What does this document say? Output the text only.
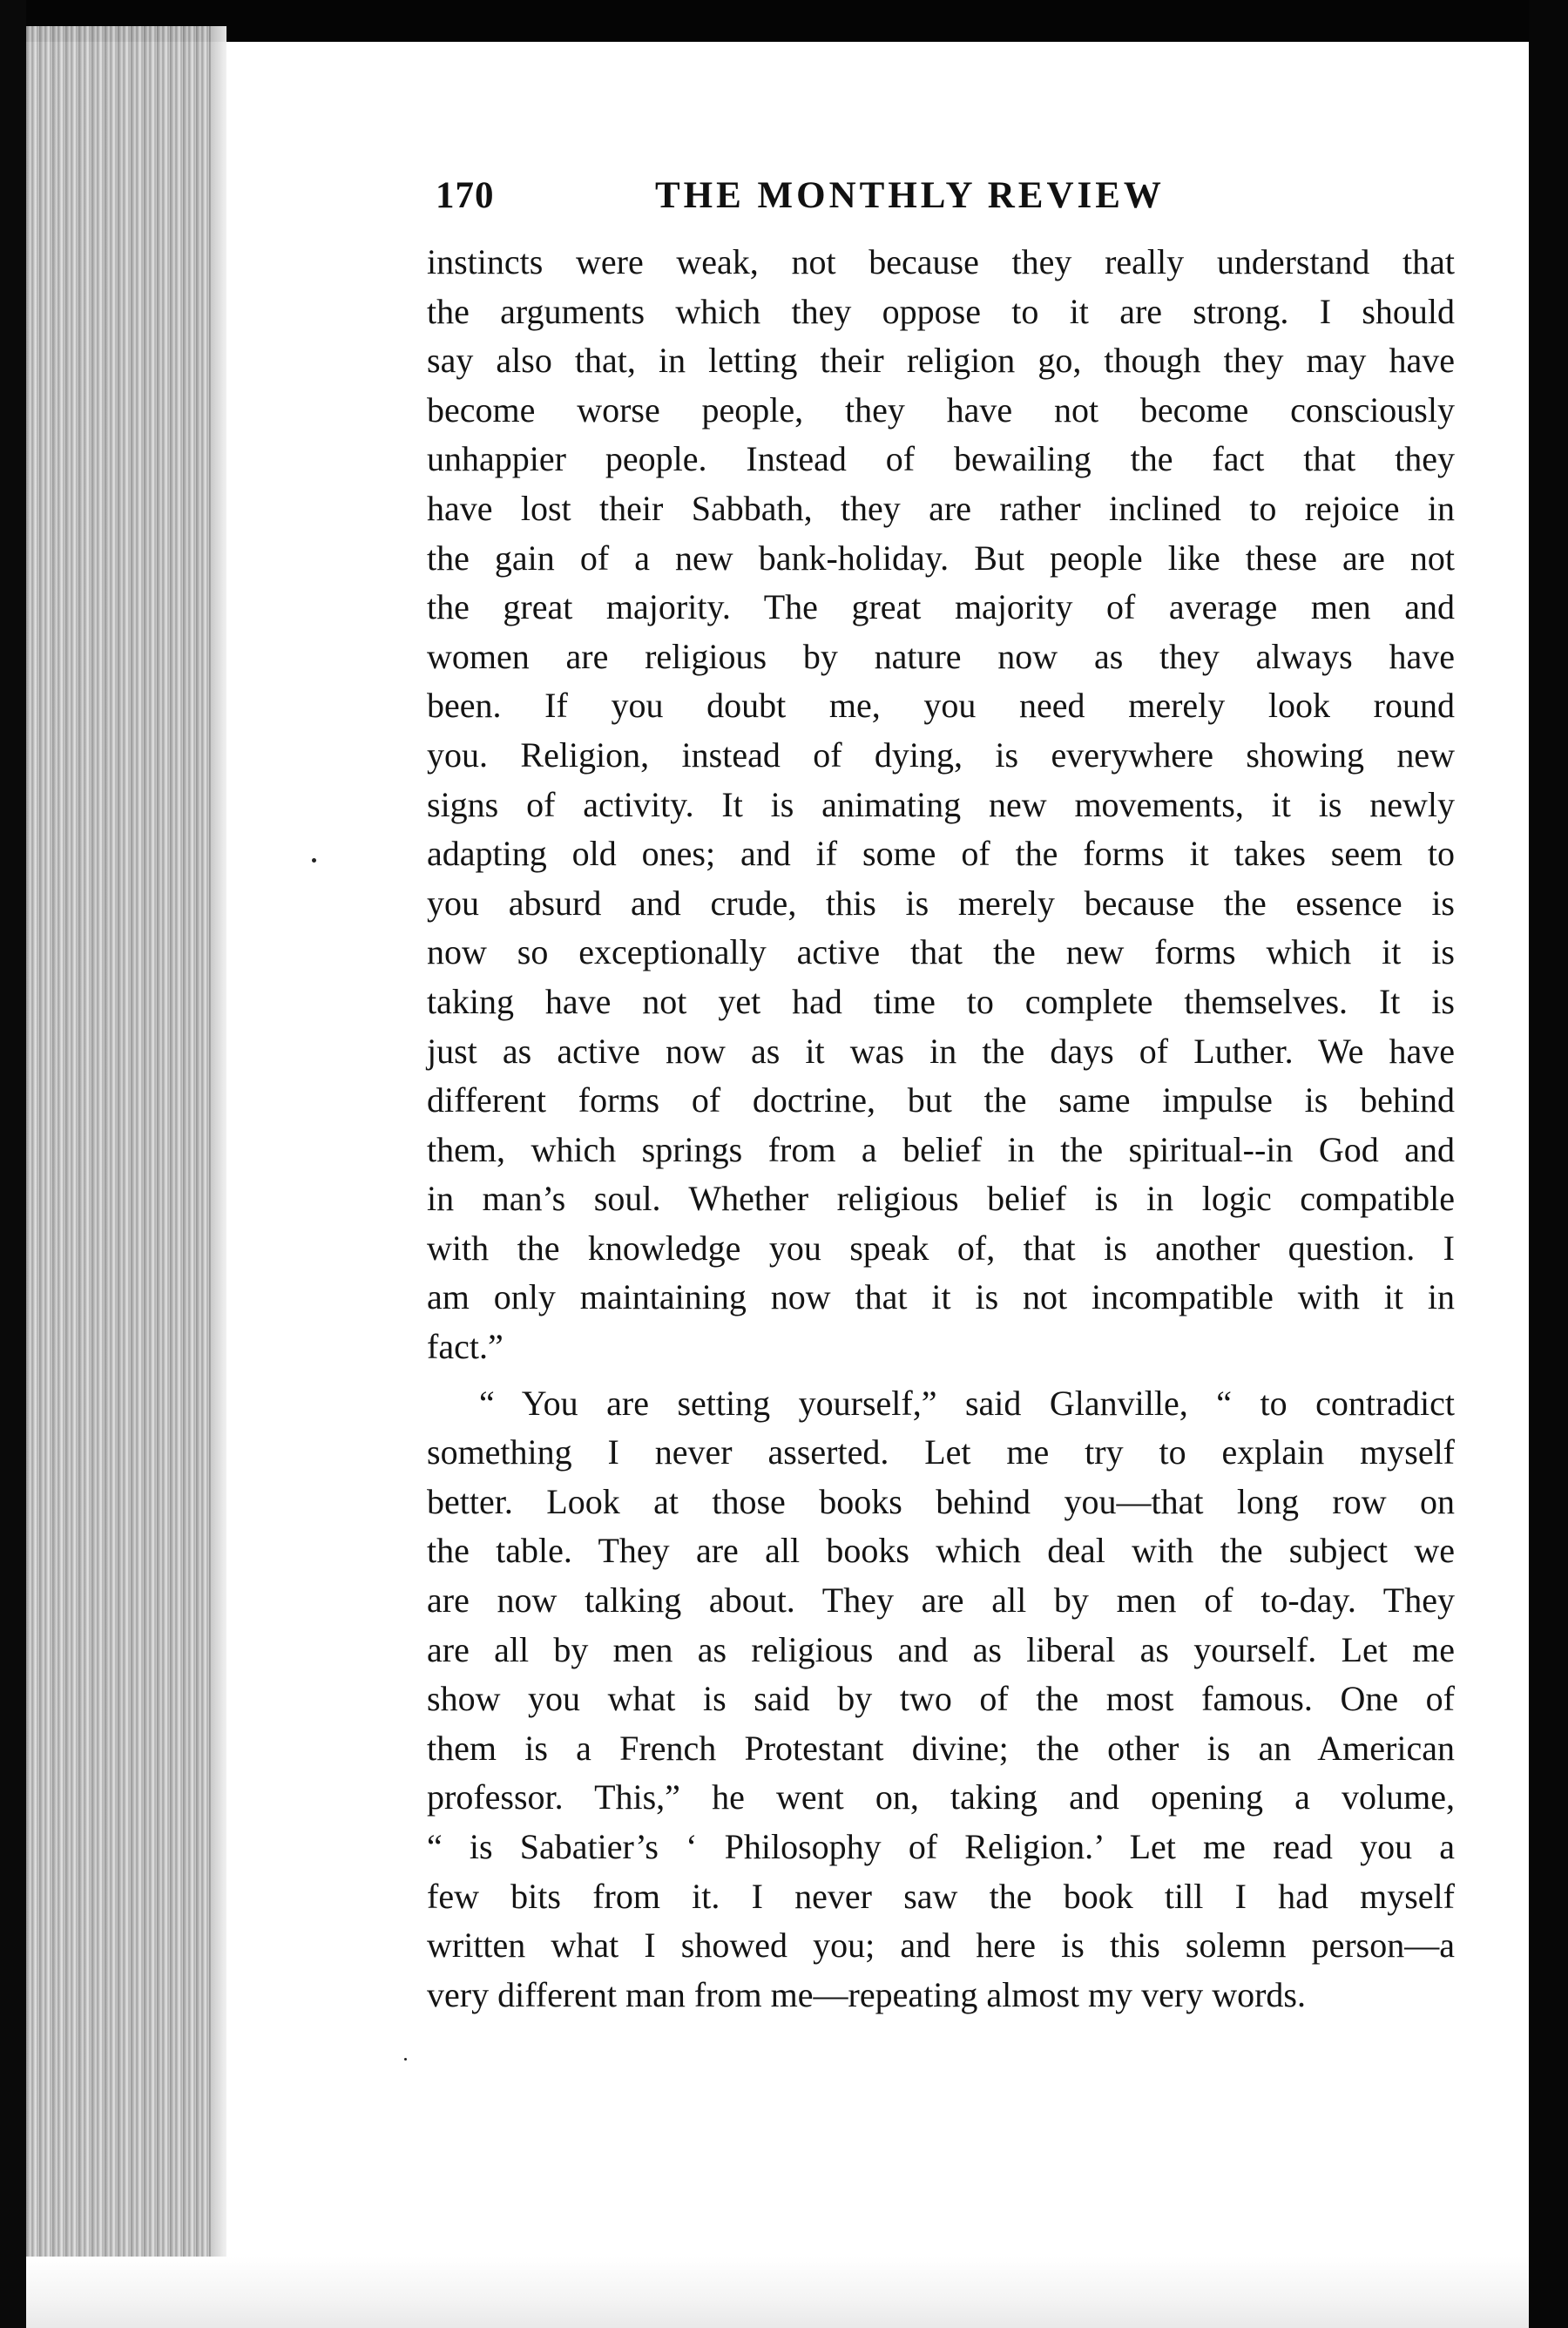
170	THE MONTHLY REVIEW
instincts were weak, not because they really understand that
the arguments which they oppose to it are strong. I should
say also that, in letting their religion go, though they may have
become worse people, they have not become consciously
unhappier people. Instead of bewailing the fact that they
have lost their Sabbath, they are rather inclined to rejoice in
the gain of a new bank-holiday. But people like these are not
the great majority. The great majority of average men and
women are religious by nature now as they always have
been. If you doubt me, you need merely look round
you. Religion, instead of dying, is everywhere showing new
signs of activity. It is animating new movements, it is newly
adapting old ones; and if some of the forms it takes seem to
you absurd and crude, this is merely because the essence is
now so exceptionally active that the new forms which it is
taking have not yet had time to complete themselves. It is
just as active now as it was in the days of Luther. We have
different forms of doctrine, but the same impulse is behind
them, which springs from a belief in the spiritual--in God and
in man’s soul. Whether religious belief is in logic compatible
with the knowledge you speak of, that is another question. I
am only maintaining now that it is not incompatible with it in
fact.”
“ You are setting yourself,” said Glanville, “ to contradict
something I never asserted. Let me try to explain myself
better. Look at those books behind you—that long row on
the table. They are all books which deal with the subject we
are now talking about. They are all by men of to-day. They
are all by men as religious and as liberal as yourself. Let me
show you what is said by two of the most famous. One of
them is a French Protestant divine; the other is an American
professor. This,” he went on, taking and opening a volume,
“ is Sabatier’s ‘ Philosophy of Religion.’ Let me read you a
few bits from it. I never saw the book till I had myself
written what I showed you; and here is this solemn person—a
very different man from me—repeating almost my very words.
